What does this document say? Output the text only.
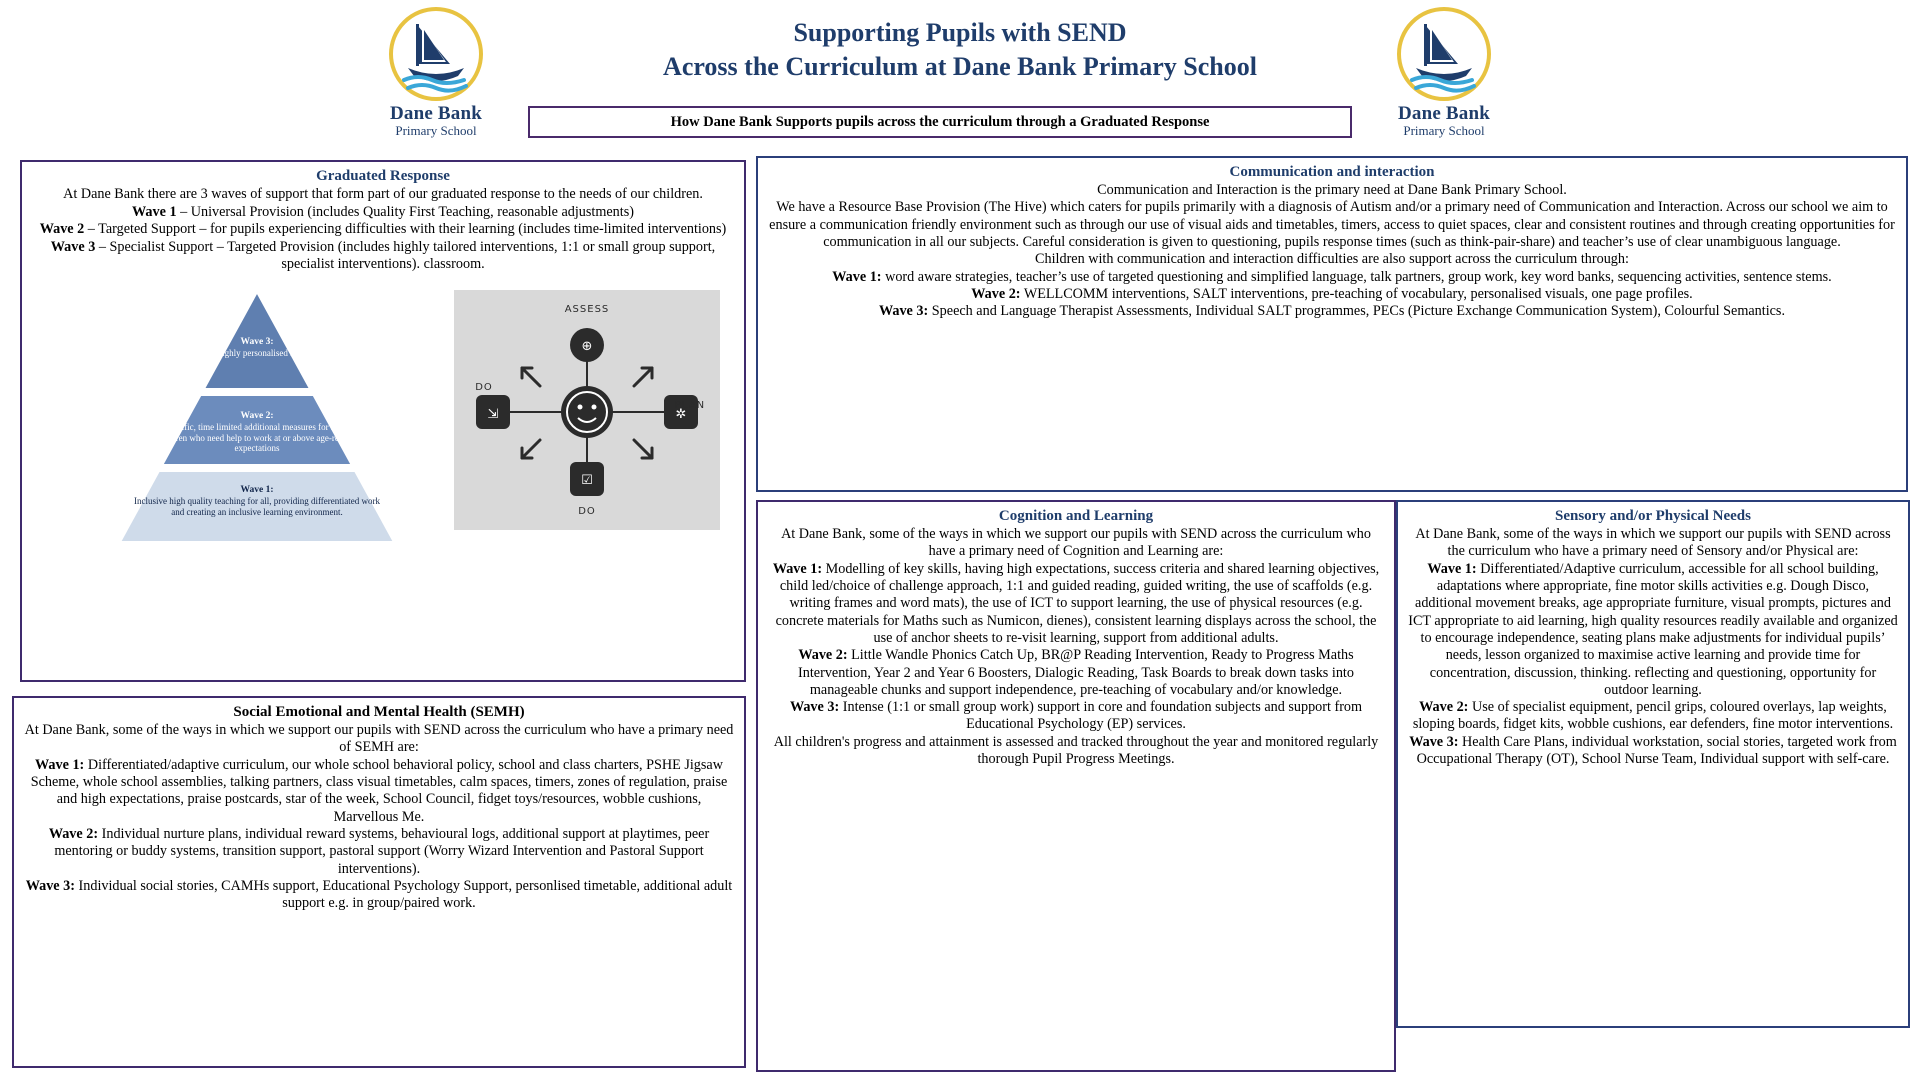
Dane Bank
Primary School
Dane Bank
Primary School
Supporting Pupils with SEND
Across the Curriculum at Dane Bank Primary School
How Dane Bank Supports pupils across the curriculum through a Graduated Response
Graduated Response

At Dane Bank there are 3 waves of support that form part of our graduated response to the needs of our children.

Wave 1 – Universal Provision (includes Quality First Teaching, reasonable adjustments)

Wave 2 – Targeted Support – for pupils experiencing difficulties with their learning (includes time-limited interventions)

Wave 3 – Specialist Support – Targeted Provision (includes highly tailored interventions, 1:1 or small group support, specialist interventions). classroom.

Wave 3:
Additional highly personalised interventions
Wave 2:
Specific, time limited additional measures for some children who need help to work at or above age-related expectations
Wave 1:
Inclusive high quality teaching for all, providing differentiated work and creating an inclusive learning environment.
⊕
⇲	✲
☑
ASSESS
PLAN
DO
DO
Social Emotional and Mental Health (SEMH)

At Dane Bank, some of the ways in which we support our pupils with SEND across the curriculum who have a primary need of SEMH are:

Wave 1: Differentiated/adaptive curriculum, our whole school behavioral policy, school and class charters, PSHE Jigsaw Scheme, whole school assemblies, talking partners, class visual timetables, calm spaces, timers, zones of regulation, praise and high expectations, praise postcards, star of the week, School Council, fidget toys/resources, wobble cushions, Marvellous Me.

Wave 2: Individual nurture plans, individual reward systems, behavioural logs, additional support at playtimes, peer mentoring or buddy systems, transition support, pastoral support (Worry Wizard Intervention and Pastoral Support interventions).

Wave 3: Individual social stories, CAMHs support, Educational Psychology Support, personlised timetable, additional adult support e.g. in group/paired work.

Communication and interaction

Communication and Interaction is the primary need at Dane Bank Primary School.

We have a Resource Base Provision (The Hive) which caters for pupils primarily with a diagnosis of Autism and/or a primary need of Communication and Interaction. Across our school we aim to ensure a communication friendly environment such as through our use of visual aids and timetables, timers, access to quiet spaces, clear and consistent routines and through creating opportunities for communication in all our subjects. Careful consideration is given to questioning, pupils response times (such as think-pair-share) and teacher’s use of clear unambiguous language.

Children with communication and interaction difficulties are also support across the curriculum through:

Wave 1: word aware strategies, teacher’s use of targeted questioning and simplified language, talk partners, group work, key word banks, sequencing activities, sentence stems.

Wave 2: WELLCOMM interventions, SALT interventions, pre-teaching of vocabulary, personalised visuals, one page profiles.

Wave 3: Speech and Language Therapist Assessments, Individual SALT programmes, PECs (Picture Exchange Communication System), Colourful Semantics.

Cognition and Learning

At Dane Bank, some of the ways in which we support our pupils with SEND across the curriculum who have a primary need of Cognition and Learning are:

Wave 1: Modelling of key skills, having high expectations, success criteria and shared learning objectives, child led/choice of challenge approach, 1:1 and guided reading, guided writing, the use of scaffolds (e.g. writing frames and word mats), the use of ICT to support learning, the use of physical resources (e.g. concrete materials for Maths such as Numicon, dienes), consistent learning displays across the school, the use of anchor sheets to re-visit learning, support from additional adults.

Wave 2: Little Wandle Phonics Catch Up, BR@P Reading Intervention, Ready to Progress Maths Intervention, Year 2 and Year 6 Boosters, Dialogic Reading, Task Boards to break down tasks into manageable chunks and support independence, pre-teaching of vocabulary and/or knowledge.

Wave 3: Intense (1:1 or small group work) support in core and foundation subjects and support from Educational Psychology (EP) services.

All children's progress and attainment is assessed and tracked throughout the year and monitored regularly thorough Pupil Progress Meetings.

Sensory and/or Physical Needs

At Dane Bank, some of the ways in which we support our pupils with SEND across the curriculum who have a primary need of Sensory and/or Physical are:

Wave 1: Differentiated/Adaptive curriculum, accessible for all school building, adaptations where appropriate, fine motor skills activities e.g. Dough Disco, additional movement breaks, age appropriate furniture, visual prompts, pictures and ICT appropriate to aid learning, high quality resources readily available and organized to encourage independence, seating plans make adjustments for individual pupils’ needs, lesson organized to maximise active learning and provide time for concentration, discussion, thinking. reflecting and questioning, opportunity for outdoor learning.

Wave 2: Use of specialist equipment, pencil grips, coloured overlays, lap weights, sloping boards, fidget kits, wobble cushions, ear defenders, fine motor interventions.

Wave 3: Health Care Plans, individual workstation, social stories, targeted work from Occupational Therapy (OT), School Nurse Team, Individual support with self-care.
